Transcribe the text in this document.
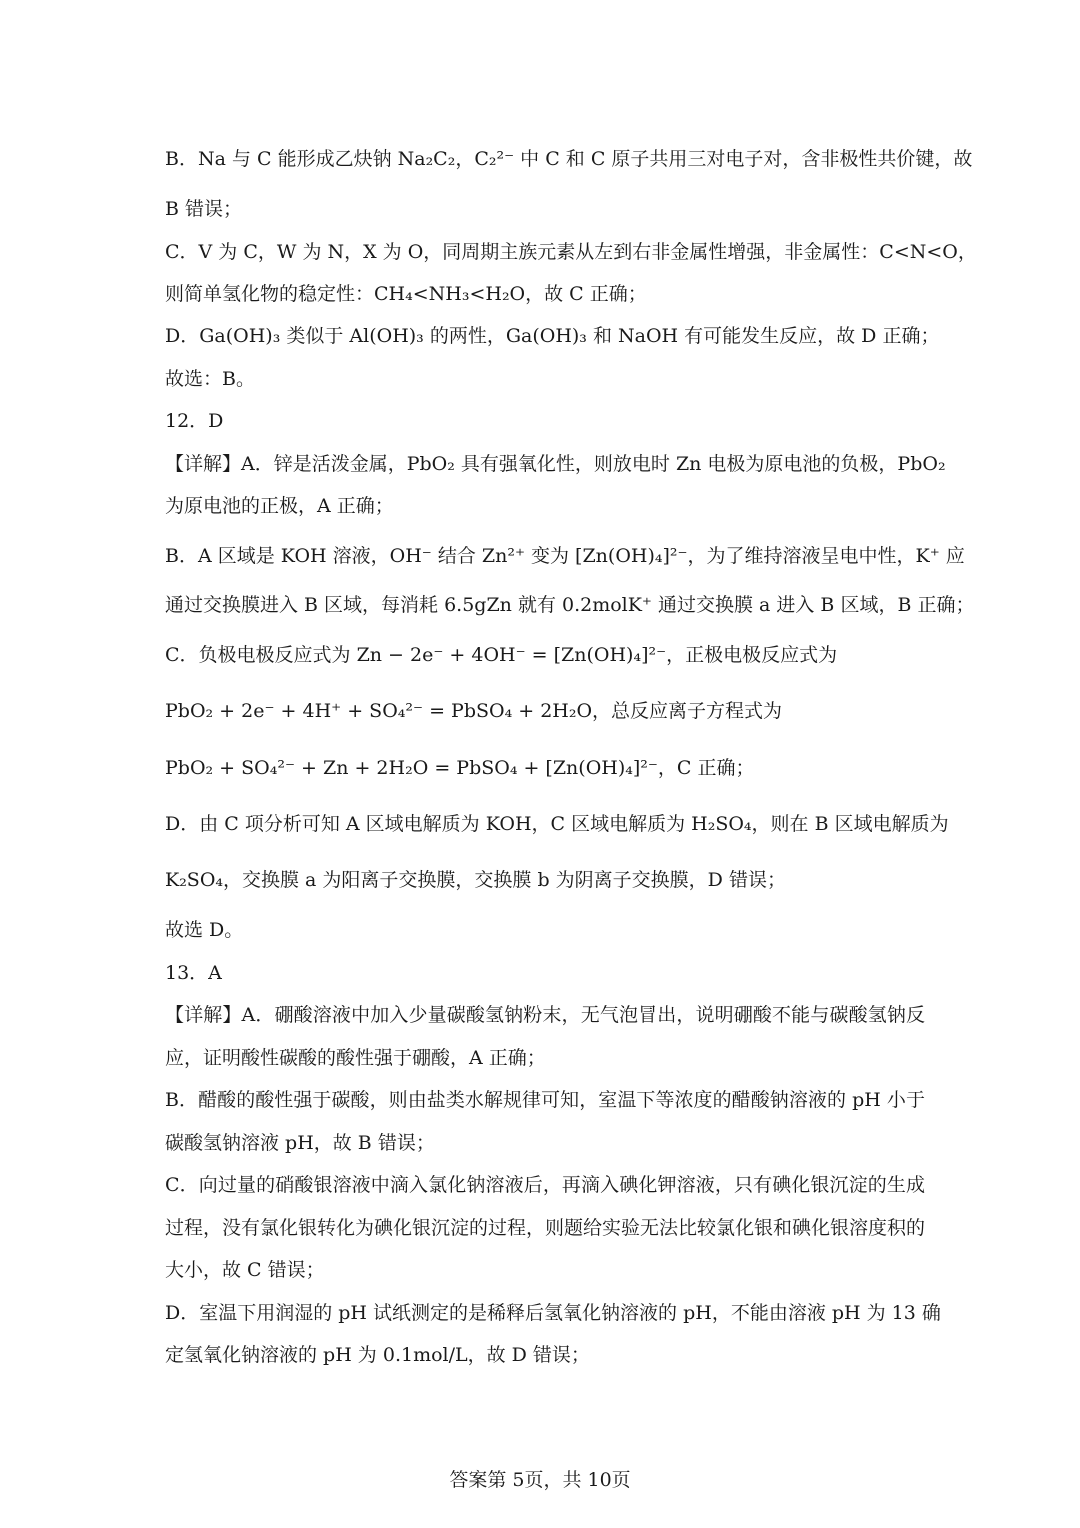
B．Na 与 C 能形成乙炔钠 Na₂C₂，C₂²⁻ 中 C 和 C 原子共用三对电子对，含非极性共价键，故
B 错误；
C．V 为 C，W 为 N，X 为 O，同周期主族元素从左到右非金属性增强，非金属性：C<N<O，
则简单氢化物的稳定性：CH₄<NH₃<H₂O，故 C 正确；
D．Ga(OH)₃ 类似于 Al(OH)₃ 的两性，Ga(OH)₃ 和 NaOH 有可能发生反应，故 D 正确；
故选：B。
12．D
【详解】A．锌是活泼金属，PbO₂ 具有强氧化性，则放电时 Zn 电极为原电池的负极，PbO₂
为原电池的正极，A 正确；
B．A 区域是 KOH 溶液，OH⁻ 结合 Zn²⁺ 变为 [Zn(OH)₄]²⁻，为了维持溶液呈电中性，K⁺ 应
通过交换膜进入 B 区域，每消耗 6.5gZn 就有 0.2molK⁺ 通过交换膜 a 进入 B 区域，B 正确；
C．负极电极反应式为 Zn − 2e⁻ + 4OH⁻ = [Zn(OH)₄]²⁻，正极电极反应式为
PbO₂ + 2e⁻ + 4H⁺ + SO₄²⁻ = PbSO₄ + 2H₂O，总反应离子方程式为
PbO₂ + SO₄²⁻ + Zn + 2H₂O = PbSO₄ + [Zn(OH)₄]²⁻，C 正确；
D．由 C 项分析可知 A 区域电解质为 KOH，C 区域电解质为 H₂SO₄，则在 B 区域电解质为
K₂SO₄，交换膜 a 为阳离子交换膜，交换膜 b 为阴离子交换膜，D 错误；
故选 D。
13．A
【详解】A．硼酸溶液中加入少量碳酸氢钠粉末，无气泡冒出，说明硼酸不能与碳酸氢钠反
应，证明酸性碳酸的酸性强于硼酸，A 正确；
B．醋酸的酸性强于碳酸，则由盐类水解规律可知，室温下等浓度的醋酸钠溶液的 pH 小于
碳酸氢钠溶液 pH，故 B 错误；
C．向过量的硝酸银溶液中滴入氯化钠溶液后，再滴入碘化钾溶液，只有碘化银沉淀的生成
过程，没有氯化银转化为碘化银沉淀的过程，则题给实验无法比较氯化银和碘化银溶度积的
大小，故 C 错误；
D．室温下用润湿的 pH 试纸测定的是稀释后氢氧化钠溶液的 pH，不能由溶液 pH 为 13 确
定氢氧化钠溶液的 pH 为 0.1mol/L，故 D 错误；
答案第 5页，共 10页
